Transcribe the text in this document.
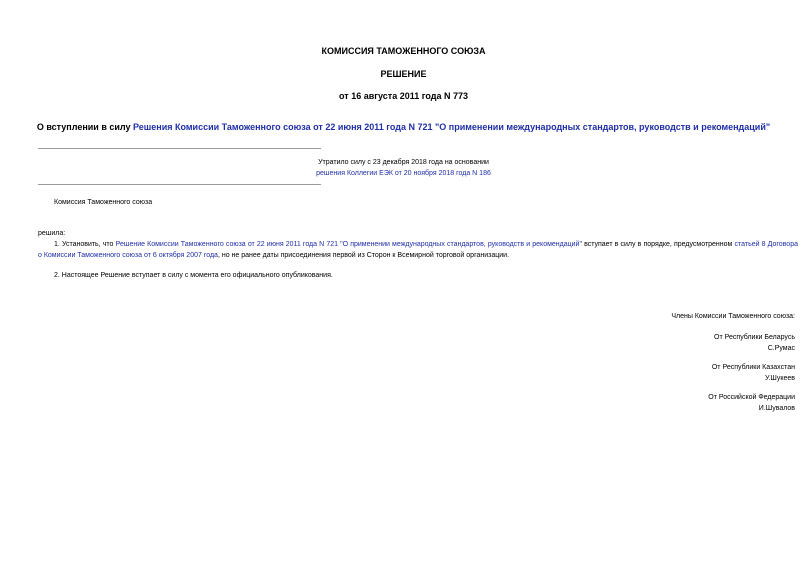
КОМИССИЯ ТАМОЖЕННОГО СОЮЗА
РЕШЕНИЕ
от 16 августа 2011 года N 773
О вступлении в силу Решения Комиссии Таможенного союза от 22 июня 2011 года N 721 "О применении международных стандартов, руководств и рекомендаций"
Утратило силу с 23 декабря 2018 года на основании
решения Коллегии ЕЭК от 20 ноября 2018 года N 186
Комиссия Таможенного союза
решила:
1. Установить, что Решение Комиссии Таможенного союза от 22 июня 2011 года N 721 "О применении международных стандартов, руководств и рекомендаций" вступает в силу в порядке, предусмотренном статьей 8 Договора о Комиссии Таможенного союза от 6 октября 2007 года, но не ранее даты присоединения первой из Сторон к Всемирной торговой организации.
2. Настоящее Решение вступает в силу с момента его официального опубликования.
Члены Комиссии Таможенного союза:
От Республики Беларусь
С.Румас
От Республики Казахстан
У.Шукеев
От Российской Федерации
И.Шувалов
